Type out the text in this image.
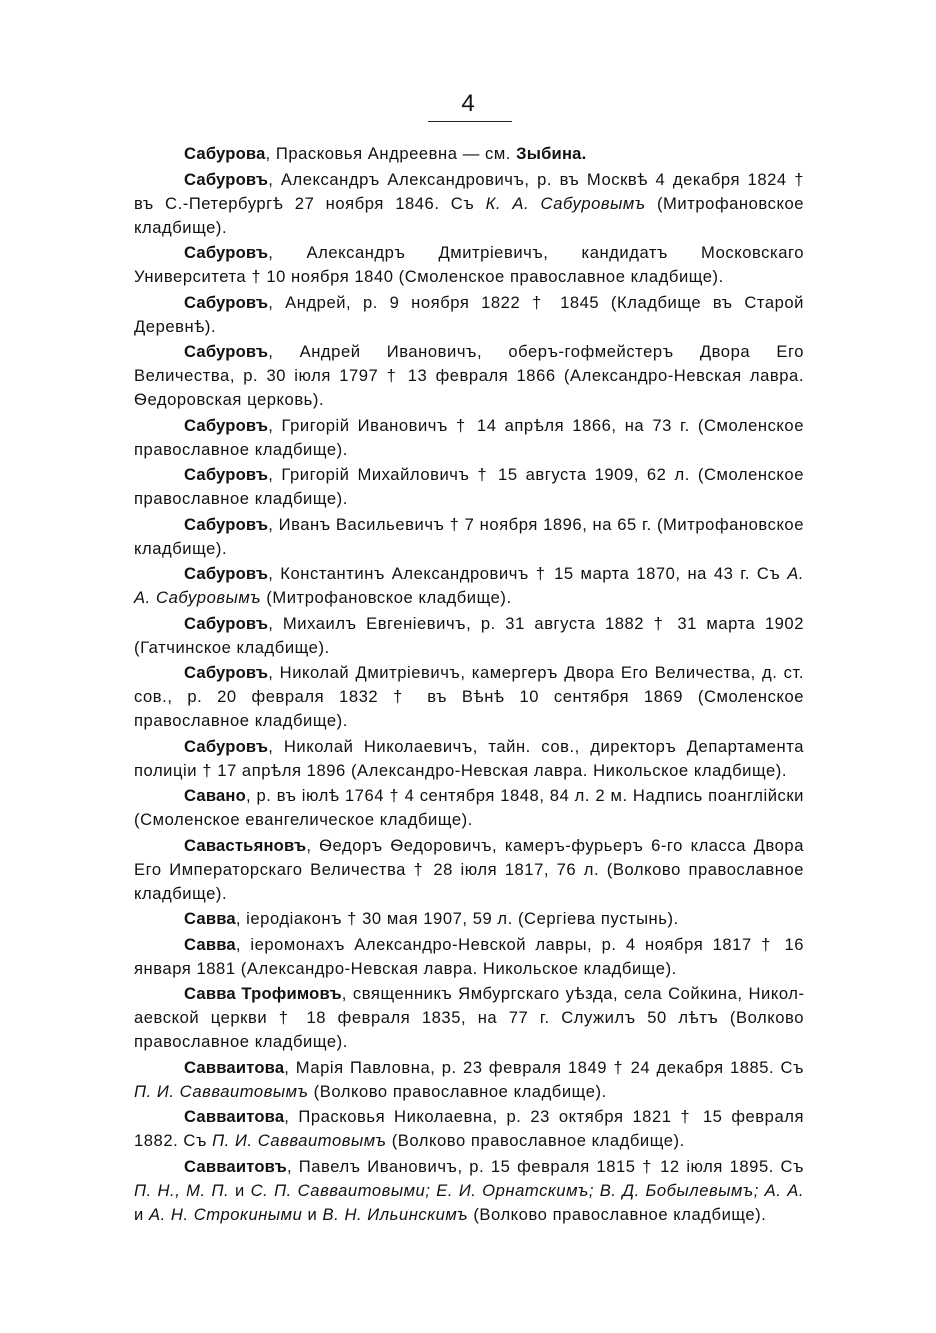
4

Сабурова, Прасковья Андреевна — см. Зыбина.

Сабуровъ, Александръ Александровичъ, р. въ Москвѣ 4 декабря 1824 † въ С.-Петербургѣ 27 ноября 1846. Съ К. А. Сабуровымъ (Митрофановское кладбище).

Сабуровъ, Александръ Дмитріевичъ, кандидатъ Московскаго Университета † 10 ноября 1840 (Смоленское православное кладбище).

Сабуровъ, Андрей, р. 9 ноября 1822 † 1845 (Кладбище въ Старой Деревнѣ).

Сабуровъ, Андрей Ивановичъ, оберъ-гофмейстеръ Двора Его Величества, р. 30 іюля 1797 † 13 февраля 1866 (Александро-Невская лавра. Ѳедоровская церковь).

Сабуровъ, Григорій Ивановичъ † 14 апрѣля 1866, на 73 г. (Смоленское православное кладбище).

Сабуровъ, Григорій Михайловичъ † 15 августа 1909, 62 л. (Смоленское православное кладбище).

Сабуровъ, Иванъ Васильевичъ † 7 ноября 1896, на 65 г. (Митрофановское кладбище).

Сабуровъ, Константинъ Александровичъ † 15 марта 1870, на 43 г. Съ А. А. Сабуровымъ (Митрофановское кладбище).

Сабуровъ, Михаилъ Евгеніевичъ, р. 31 августа 1882 † 31 марта 1902 (Гатчинское кладбище).

Сабуровъ, Николай Дмитріевичъ, камергеръ Двора Его Величества, д. ст. сов., р. 20 февраля 1832 † въ Вѣнѣ 10 сентября 1869 (Смоленское православное кладбище).

Сабуровъ, Николай Николаевичъ, тайн. сов., директоръ Департамента полиціи † 17 апрѣля 1896 (Александро-Невская лавра. Никольское кладбище).

Савано, р. въ іюлѣ 1764 † 4 сентября 1848, 84 л. 2 м. Надпись поанглійски (Смоленское евангелическое кладбище).

Савастьяновъ, Ѳедоръ Ѳедоровичъ, камеръ-фурьеръ 6-го класса Двора Его Императорскаго Величества † 28 іюля 1817, 76 л. (Волково православное кладбище).

Савва, іеродіаконъ † 30 мая 1907, 59 л. (Сергіева пустынь).

Савва, іеромонахъ Александро-Невской лавры, р. 4 ноября 1817 † 16 января 1881 (Александро-Невская лавра. Никольское кладбище).

Савва Трофимовъ, священникъ Ямбургскаго уѣзда, села Сойкина, Николаевской церкви † 18 февраля 1835, на 77 г. Служилъ 50 лѣтъ (Волково православное кладбище).

Савваитова, Марія Павловна, р. 23 февраля 1849 † 24 декабря 1885. Съ П. И. Савваитовымъ (Волково православное кладбище).

Савваитова, Прасковья Николаевна, р. 23 октября 1821 † 15 февраля 1882. Съ П. И. Савваитовымъ (Волково православное кладбище).

Савваитовъ, Павелъ Ивановичъ, р. 15 февраля 1815 † 12 іюля 1895. Съ П. Н., М. П. и С. П. Савваитовыми; Е. И. Орнатскимъ; В. Д. Бобылевымъ; А. А. и А. Н. Строкиными и В. Н. Ильинскимъ (Волково православное кладбище).
